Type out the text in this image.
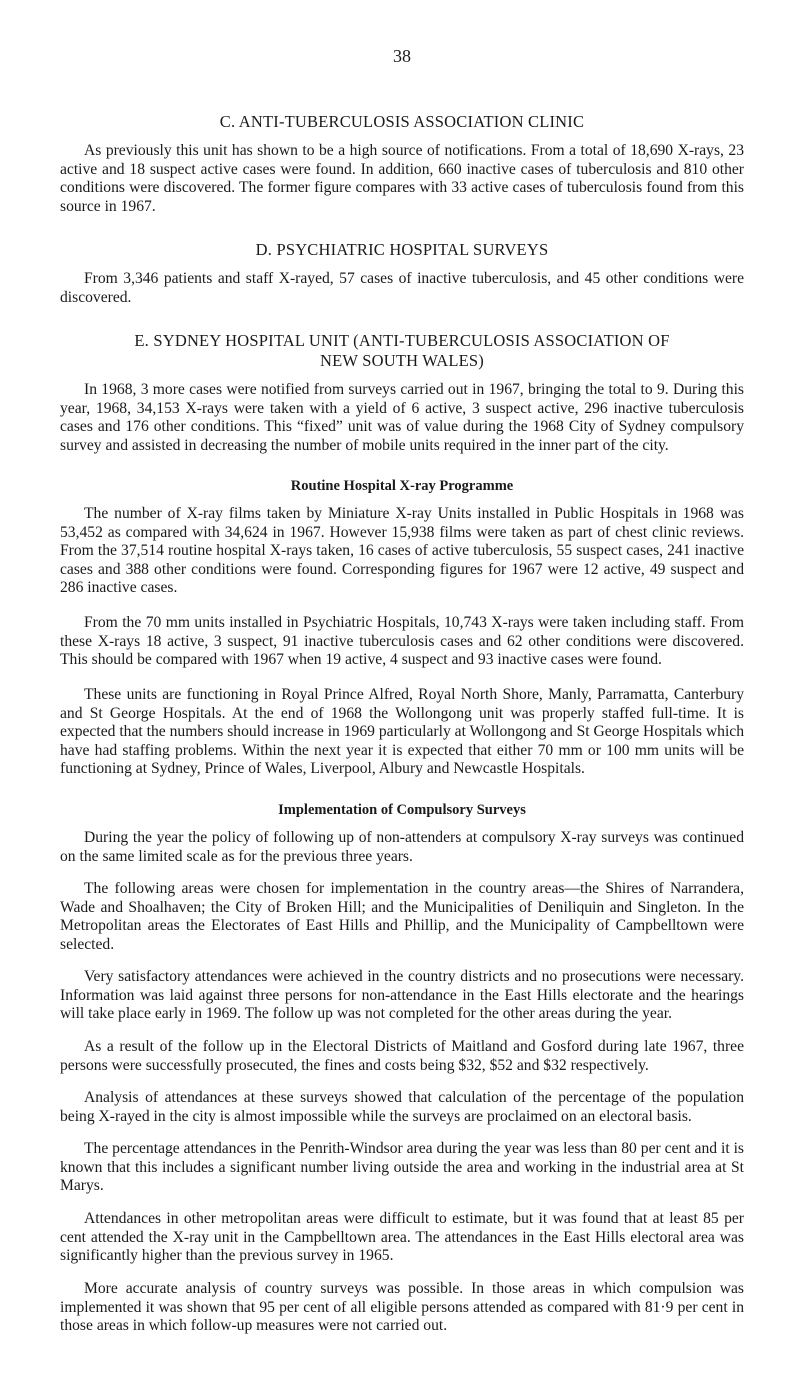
38
C. ANTI-TUBERCULOSIS ASSOCIATION CLINIC

As previously this unit has shown to be a high source of notifications. From a total of 18,690 X-rays, 23 active and 18 suspect active cases were found. In addition, 660 inactive cases of tuberculosis and 810 other conditions were discovered. The former figure compares with 33 active cases of tuberculosis found from this source in 1967.

D. PSYCHIATRIC HOSPITAL SURVEYS

From 3,346 patients and staff X-rayed, 57 cases of inactive tuberculosis, and 45 other conditions were discovered.

E. SYDNEY HOSPITAL UNIT (ANTI-TUBERCULOSIS ASSOCIATION OF
NEW SOUTH WALES)

In 1968, 3 more cases were notified from surveys carried out in 1967, bringing the total to 9. During this year, 1968, 34,153 X-rays were taken with a yield of 6 active, 3 suspect active, 296 inactive tuberculosis cases and 176 other conditions. This “fixed” unit was of value during the 1968 City of Sydney compulsory survey and assisted in decreasing the number of mobile units required in the inner part of the city.

Routine Hospital X-ray Programme

The number of X-ray films taken by Miniature X-ray Units installed in Public Hospitals in 1968 was 53,452 as compared with 34,624 in 1967. However 15,938 films were taken as part of chest clinic reviews. From the 37,514 routine hospital X-rays taken, 16 cases of active tuberculosis, 55 suspect cases, 241 inactive cases and 388 other conditions were found. Corresponding figures for 1967 were 12 active, 49 suspect and 286 inactive cases.

From the 70 mm units installed in Psychiatric Hospitals, 10,743 X-rays were taken including staff. From these X-rays 18 active, 3 suspect, 91 inactive tuberculosis cases and 62 other conditions were discovered. This should be compared with 1967 when 19 active, 4 suspect and 93 inactive cases were found.

These units are functioning in Royal Prince Alfred, Royal North Shore, Manly, Parramatta, Canterbury and St George Hospitals. At the end of 1968 the Wollongong unit was properly staffed full-time. It is expected that the numbers should increase in 1969 particularly at Wollongong and St George Hospitals which have had staffing problems. Within the next year it is expected that either 70 mm or 100 mm units will be functioning at Sydney, Prince of Wales, Liverpool, Albury and Newcastle Hospitals.

Implementation of Compulsory Surveys

During the year the policy of following up of non-attenders at compulsory X-ray surveys was continued on the same limited scale as for the previous three years.

The following areas were chosen for implementation in the country areas—the Shires of Narrandera, Wade and Shoalhaven; the City of Broken Hill; and the Municipalities of Deniliquin and Singleton. In the Metropolitan areas the Electorates of East Hills and Phillip, and the Municipality of Campbelltown were selected.

Very satisfactory attendances were achieved in the country districts and no prosecutions were necessary. Information was laid against three persons for non-attendance in the East Hills electorate and the hearings will take place early in 1969. The follow up was not completed for the other areas during the year.

As a result of the follow up in the Electoral Districts of Maitland and Gosford during late 1967, three persons were successfully prosecuted, the fines and costs being $32, $52 and $32 respectively.

Analysis of attendances at these surveys showed that calculation of the percentage of the population being X-rayed in the city is almost impossible while the surveys are proclaimed on an electoral basis.

The percentage attendances in the Penrith-Windsor area during the year was less than 80 per cent and it is known that this includes a significant number living outside the area and working in the industrial area at St Marys.

Attendances in other metropolitan areas were difficult to estimate, but it was found that at least 85 per cent attended the X-ray unit in the Campbelltown area. The attendances in the East Hills electoral area was significantly higher than the previous survey in 1965.

More accurate analysis of country surveys was possible. In those areas in which compulsion was implemented it was shown that 95 per cent of all eligible persons attended as compared with 81·9 per cent in those areas in which follow-up measures were not carried out.
